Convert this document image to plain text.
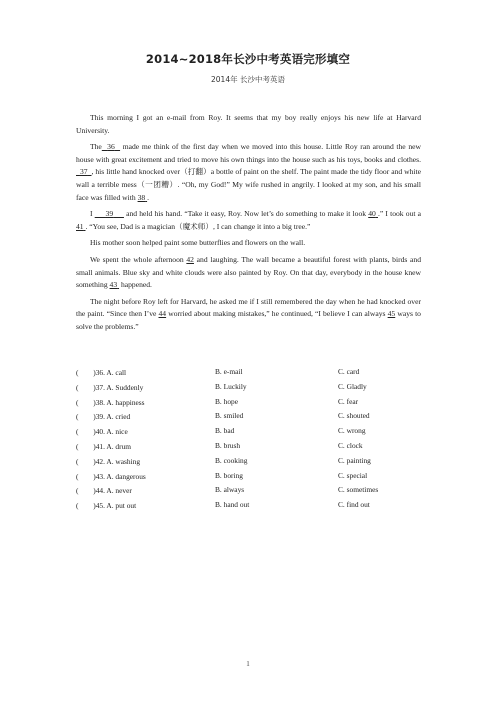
2014~2018年长沙中考英语完形填空
2014年 长沙中考英语

This morning I got an e-mail from Roy. It seems that my boy really enjoys his new life at Harvard University.

The 36 made me think of the first day when we moved into this house. Little Roy ran around the new house with great excitement and tried to move his own things into the house such as his toys, books and clothes.   37 , his little hand knocked over（打翻）a bottle of paint on the shelf. The paint made the tidy floor and white wall a terrible mess（一团糟）. “Oh, my God!” My wife rushed in angrily. I looked at my son, and his small face was filled with 38 .

I 39 and held his hand. “Take it easy, Roy. Now let’s do something to make it look 40 .” I took out a 41 . “You see, Dad is a magician（魔术师）, I can change it into a big tree.”

His mother soon helped paint some butterflies and flowers on the wall.

We spent the whole afternoon 42 and laughing. The wall became a beautiful forest with plants, birds and small animals. Blue sky and white clouds were also painted by Roy. On that day, everybody in the house knew something 43 happened.

The night before Roy left for Harvard, he asked me if I still remembered the day when he had knocked over the paint. “Since then I’ve 44 worried about making mistakes,” he continued, “I believe I can always 45 ways to solve the problems.”

(　　)36. A. call	B. e-mail	C. card
(　　)37. A. Suddenly	B. Luckily	C. Gladly
(　　)38. A. happiness	B. hope	C. fear
(　　)39. A. cried	B. smiled	C. shouted
(　　)40. A. nice	B. bad	C. wrong
(　　)41. A. drum	B. brush	C. clock
(　　)42. A. washing	B. cooking	C. painting
(　　)43. A. dangerous	B. boring	C. special
(　　)44. A. never	B. always	C. sometimes
(　　)45. A. put out	B. hand out	C. find out
1
